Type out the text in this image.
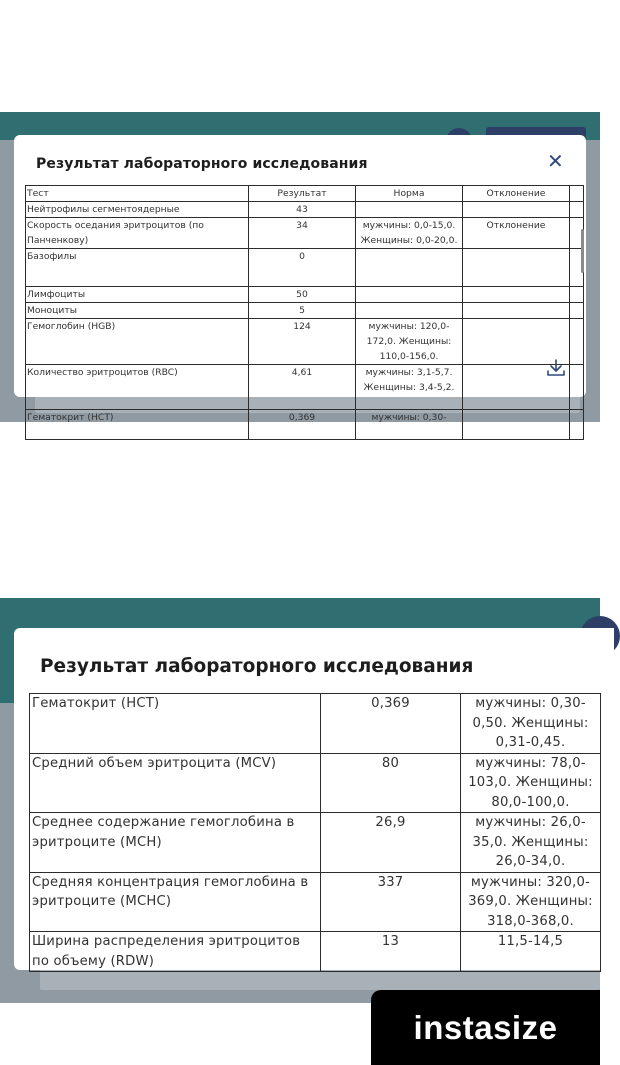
Результат лабораторного исследования	✕
Тест	Результат	Норма	Отклонение	
Нейтрофилы сегментоядерные	43			
Скорость оседания эритроцитов (по Панченкову)	34	мужчины: 0,0-15,0. Женщины: 0,0-20,0.	Отклонение	
Базофилы	0			
Лимфоциты	50			
Моноциты	5			
Гемоглобин (HGB)	124	мужчины: 120,0-172,0. Женщины: 110,0-156,0.		
Количество эритроцитов (RBC)	4,61	мужчины: 3,1-5,7. Женщины: 3,4-5,2.		
Гематокрит (HCT)	0,369	мужчины: 0,30-		
Результат лабораторного исследования
Гематокрит (HCT)	0,369	мужчины: 0,30-0,50. Женщины: 0,31-0,45.
Средний объем эритроцита (MCV)	80	мужчины: 78,0-103,0. Женщины: 80,0-100,0.
Среднее содержание гемоглобина в эритроците (MCH)	26,9	мужчины: 26,0-35,0. Женщины: 26,0-34,0.
Средняя концентрация гемоглобина в эритроците (MCHC)	337	мужчины: 320,0-369,0. Женщины: 318,0-368,0.
Ширина распределения эритроцитов по объему (RDW)	13	11,5-14,5
instasize
